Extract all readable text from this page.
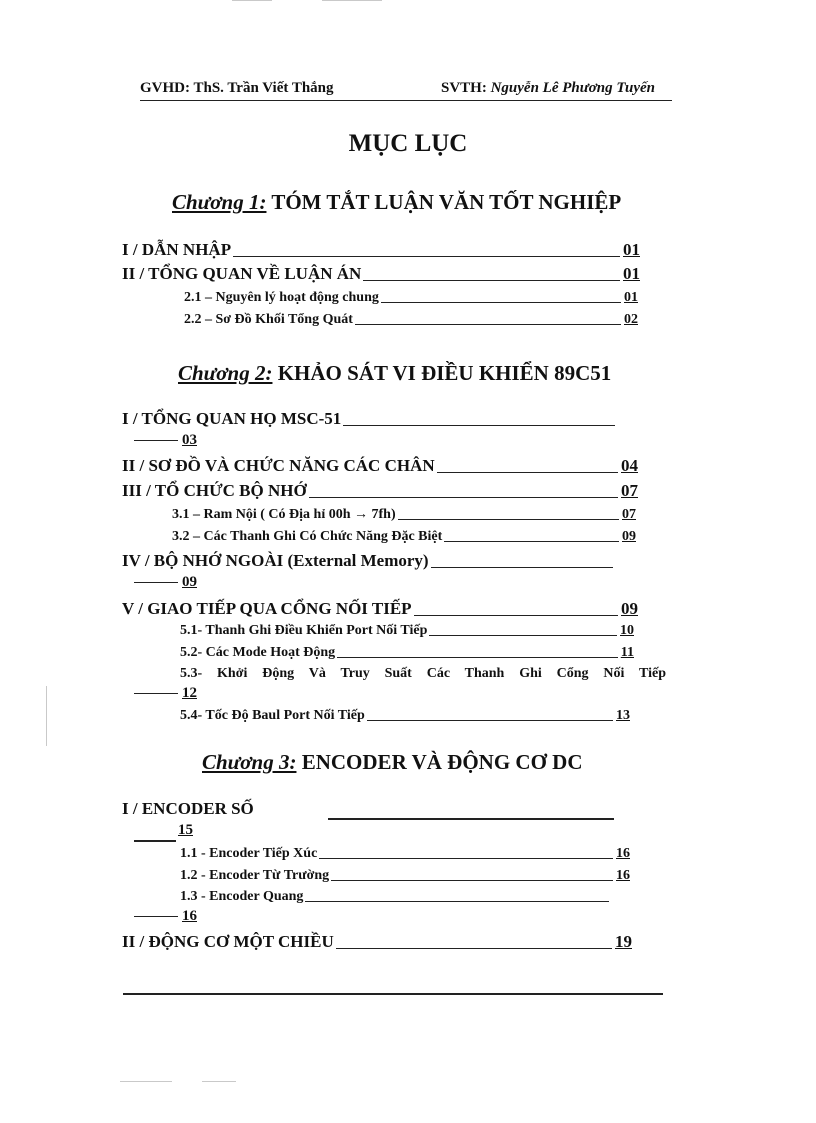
GVHD: ThS. Trần Viết Thắng	SVTH: Nguyễn Lê Phương Tuyến
MỤC LỤC
Chương 1: TÓM TẮT LUẬN VĂN TỐT NGHIỆP
I / DẪN NHẬP	01
II / TỔNG QUAN VỀ LUẬN ÁN	01
2.1 – Nguyên lý hoạt động chung	01
2.2 – Sơ Đồ Khối Tổng Quát	02
Chương 2: KHẢO SÁT VI ĐIỀU KHIỂN 89C51
I / TỔNG QUAN HỌ MSC-51
03
II / SƠ ĐỒ VÀ CHỨC NĂNG CÁC CHÂN	04
III / TỔ CHỨC BỘ NHỚ	07
3.1 – Ram Nội ( Có Địa hỉ 00h → 7fh)	07
3.2 – Các Thanh Ghi Có Chức Năng Đặc Biệt	09
IV / BỘ NHỚ NGOÀI (External Memory)
09
V / GIAO TIẾP QUA CỔNG NỐI TIẾP	09
5.1- Thanh Ghi Điều Khiển Port Nối Tiếp	10
5.2- Các Mode Hoạt Động	11
5.3- Khởi Động Và Truy Suất Các Thanh Ghi Cổng Nối Tiếp
12
5.4- Tốc Độ Baul Port Nối Tiếp	13
Chương 3: ENCODER VÀ ĐỘNG CƠ DC
I / ENCODER SỐ
15
1.1 - Encoder Tiếp Xúc	16
1.2 - Encoder Từ Trường	16
1.3 - Encoder Quang
16
II / ĐỘNG CƠ MỘT CHIỀU	19
